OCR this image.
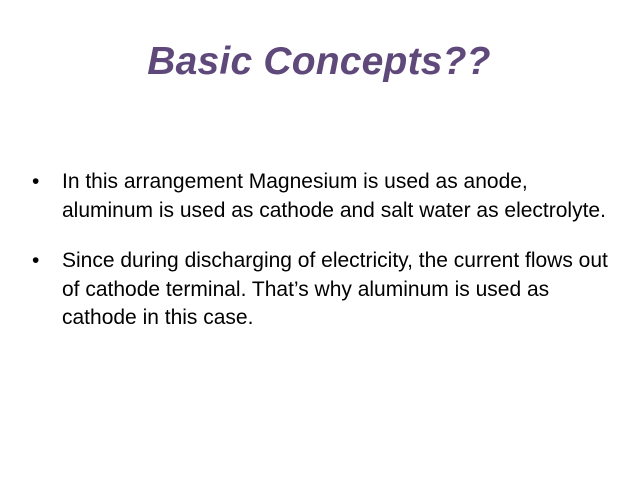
Basic Concepts??
•	In this arrangement Magnesium is used as anode, aluminum is used as cathode and salt water as electrolyte.
•	Since during discharging of electricity, the current flows out of cathode terminal. That’s why aluminum is used as cathode in this case.
